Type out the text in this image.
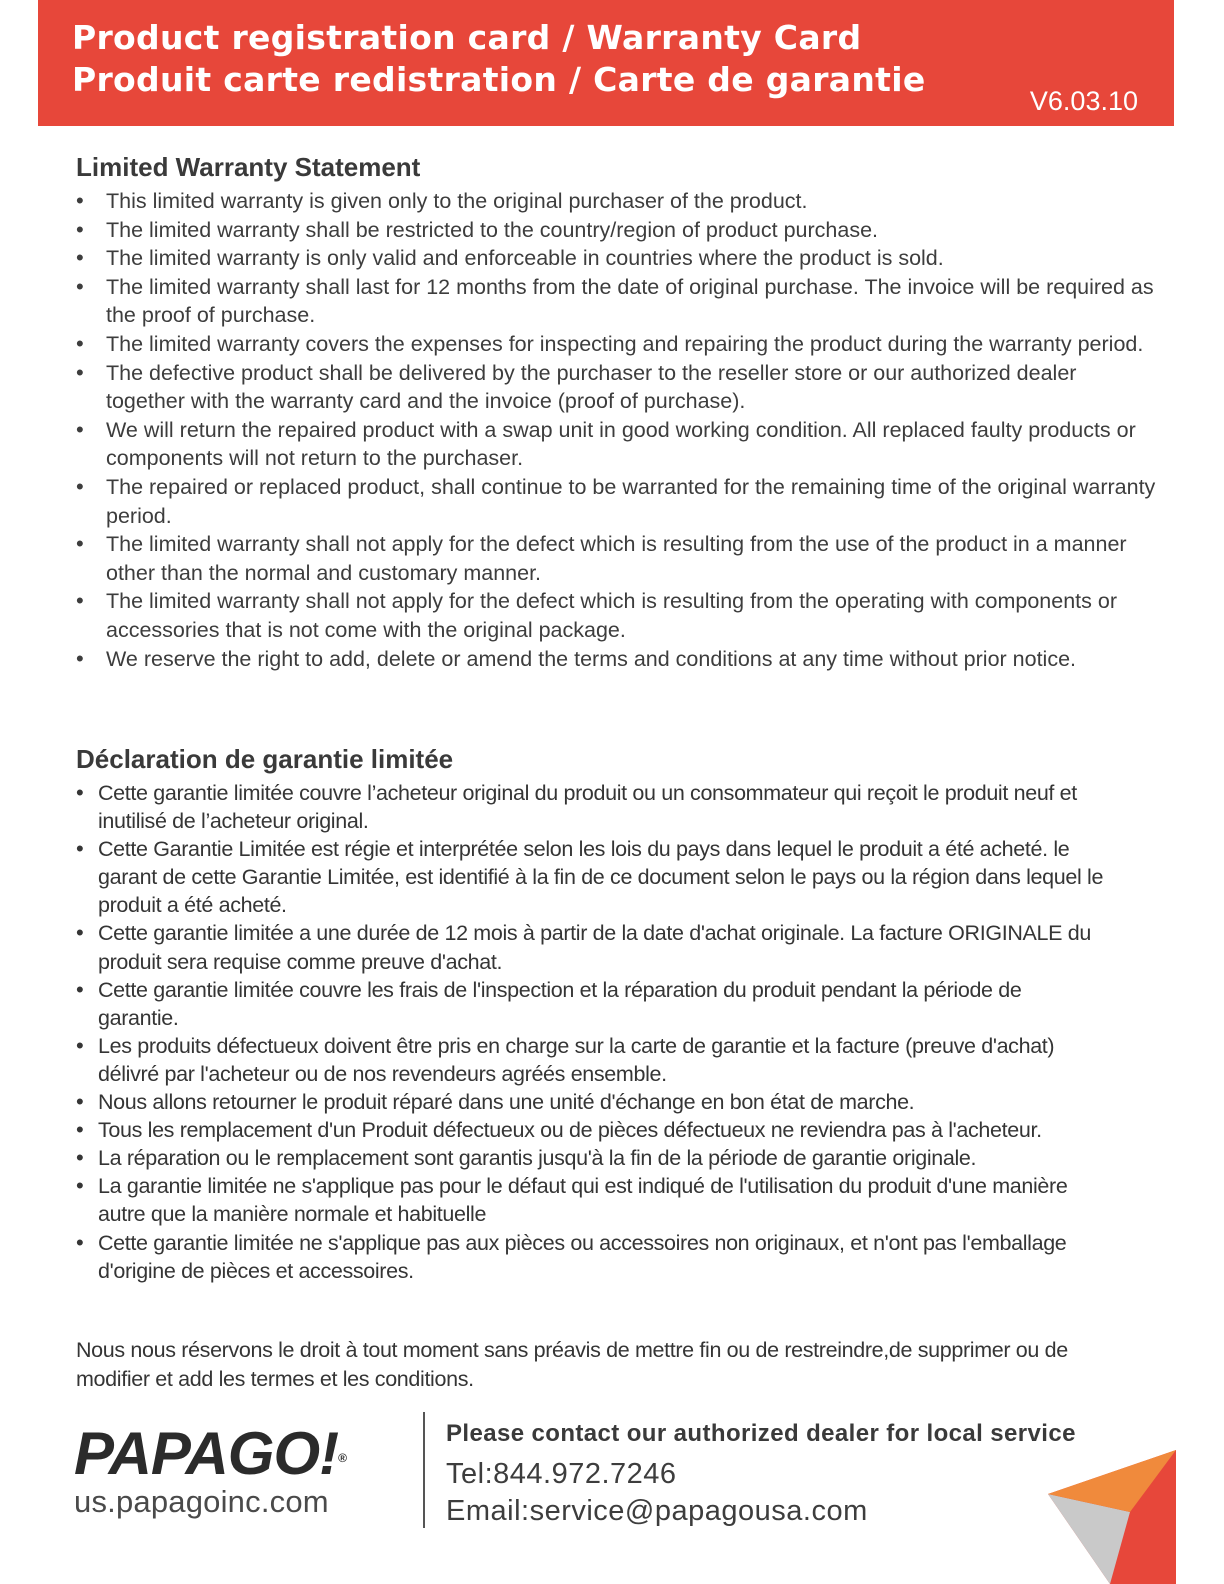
Product registration card / Warranty Card
Produit carte redistration / Carte de garantie
V6.03.10
Limited Warranty Statement
• This limited warranty is given only to the original purchaser of the product.
• The limited warranty shall be restricted to the country/region of product purchase.
• The limited warranty is only valid and enforceable in countries where the product is sold.
• The limited warranty shall last for 12 months from the date of original purchase. The invoice will be required as the proof of purchase.
• The limited warranty covers the expenses for inspecting and repairing the product during the warranty period.
• The defective product shall be delivered by the purchaser to the reseller store or our authorized dealer together with the warranty card and the invoice (proof of purchase).
• We will return the repaired product with a swap unit in good working condition. All replaced faulty products or components will not return to the purchaser.
• The repaired or replaced product, shall continue to be warranted for the remaining time of the original warranty period.
• The limited warranty shall not apply for the defect which is resulting from the use of the product in a manner other than the normal and customary manner.
• The limited warranty shall not apply for the defect which is resulting from the operating with components or accessories that is not come with the original package.
• We reserve the right to add, delete or amend the terms and conditions at any time without prior notice.
Déclaration de garantie limitée
• Cette garantie limitée couvre l’acheteur original du produit ou un consommateur qui reçoit le produit neuf et inutilisé de l’acheteur original.
• Cette Garantie Limitée est régie et interprétée selon les lois du pays dans lequel le produit a été acheté. le garant de cette Garantie Limitée, est identifié à la fin de ce document selon le pays ou la région dans lequel le produit a été acheté.
• Cette garantie limitée a une durée de 12 mois à partir de la date d'achat originale. La facture ORIGINALE du produit sera requise comme preuve d'achat.
• Cette garantie limitée couvre les frais de l'inspection et la réparation du produit pendant la période de garantie.
• Les produits défectueux doivent être pris en charge sur la carte de garantie et la facture (preuve d'achat) délivré par l'acheteur ou de nos revendeurs agréés ensemble.
• Nous allons retourner le produit réparé dans une unité d'échange en bon état de marche.
• Tous les remplacement d'un Produit défectueux ou de pièces défectueux ne reviendra pas à l'acheteur.
• La réparation ou le remplacement sont garantis jusqu'à la fin de la période de garantie originale.
• La garantie limitée ne s'applique pas pour le défaut qui est indiqué de l'utilisation du produit d'une manière autre que la manière normale et habituelle
• Cette garantie limitée ne s'applique pas aux pièces ou accessoires non originaux, et n'ont pas l'emballage d'origine de pièces et accessoires.
Nous nous réservons le droit à tout moment sans préavis de mettre fin ou de restreindre,de supprimer ou de modifier et add les termes et les conditions.
PAPAGO!®
us.papagoinc.com
Please contact our authorized dealer for local service
Tel:844.972.7246
Email:service@papagousa.com
